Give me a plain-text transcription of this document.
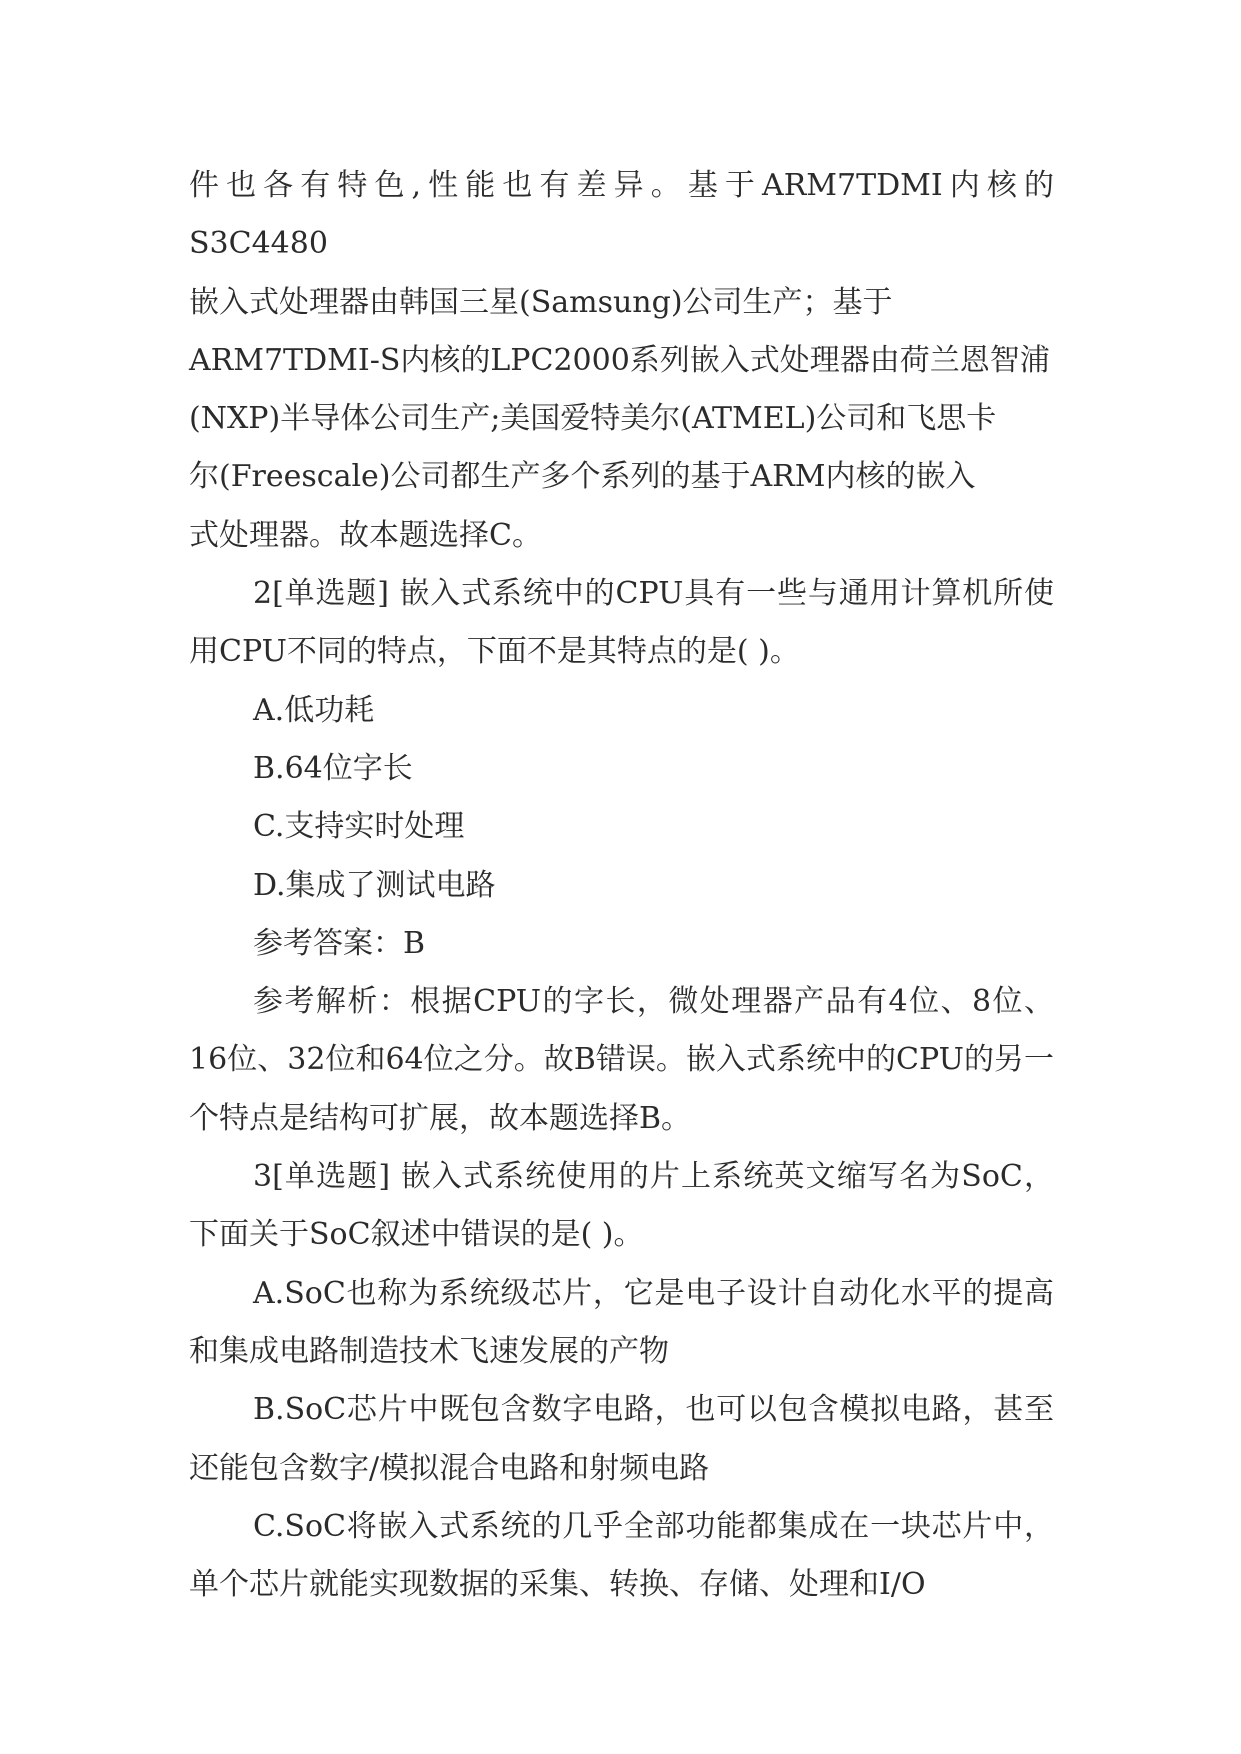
件也各有特色,性能也有差异。基于ARM7TDMI内核的S3C4480
嵌入式处理器由韩国三星(Samsung)公司生产；基于
ARM7TDMI-S内核的LPC2000系列嵌入式处理器由荷兰恩智浦
(NXP)半导体公司生产;美国爱特美尔(ATMEL)公司和飞思卡
尔(Freescale)公司都生产多个系列的基于ARM内核的嵌入
式处理器。故本题选择C。

2[单选题] 嵌入式系统中的CPU具有一些与通用计算机所使用CPU不同的特点，下面不是其特点的是( )。

A.低功耗

B.64位字长

C.支持实时处理

D.集成了测试电路

参考答案：B

参考解析：根据CPU的字长，微处理器产品有4位、8位、16位、32位和64位之分。故B错误。嵌入式系统中的CPU的另一个特点是结构可扩展，故本题选择B。

3[单选题] 嵌入式系统使用的片上系统英文缩写名为SoC，下面关于SoC叙述中错误的是( )。

A.SoC也称为系统级芯片，它是电子设计自动化水平的提高和集成电路制造技术飞速发展的产物

B.SoC芯片中既包含数字电路，也可以包含模拟电路，甚至还能包含数字/模拟混合电路和射频电路

C.SoC将嵌入式系统的几乎全部功能都集成在一块芯片中，单个芯片就能实现数据的采集、转换、存储、处理和I/O
